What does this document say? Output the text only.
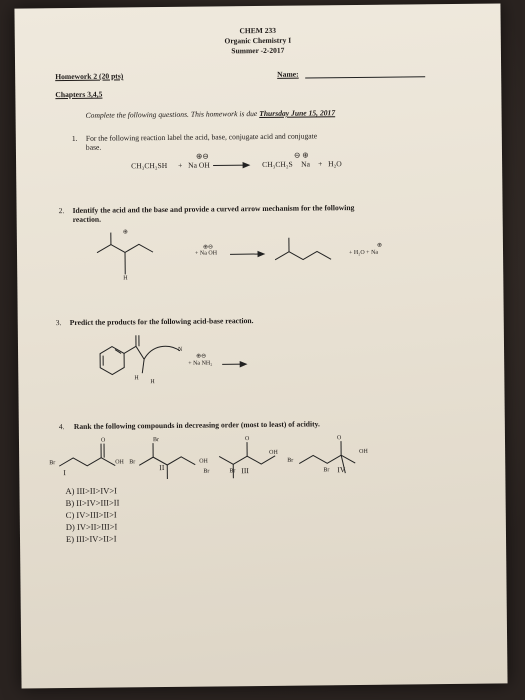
CHEM 233
Organic Chemistry I
Summer -2-2017
Homework 2 (20 pts)	Name:
Chapters 3,4,5
Complete the following questions. This homework is due Thursday June 15, 2017
1. For the following reaction label the acid, base, conjugate acid and conjugate
base.
⊕⊖	⊖ ⊕
CH₃CH₂SH + Na OH	CH₃CH₂S Na + H₂O
2. Identify the acid and the base and provide a curved arrow mechanism for the following
reaction.
⊕
H
⊕⊖
+ Na OH
⊕
+ H₂O + Na
3. Predict the products for the following acid-base reaction.
N
H
H
⊕⊖
+ Na NH₂
4. Rank the following compounds in decreasing order (most to least) of acidity.
Br
O
OH Br
Br
OH
Br
O
OH
Br
Br
O
OH
Br
I
II	III	IV
A) III>II>IV>I
B) II>IV>III>II
C) IV>III>II>I
D) IV>II>III>I
E) III>IV>II>I
